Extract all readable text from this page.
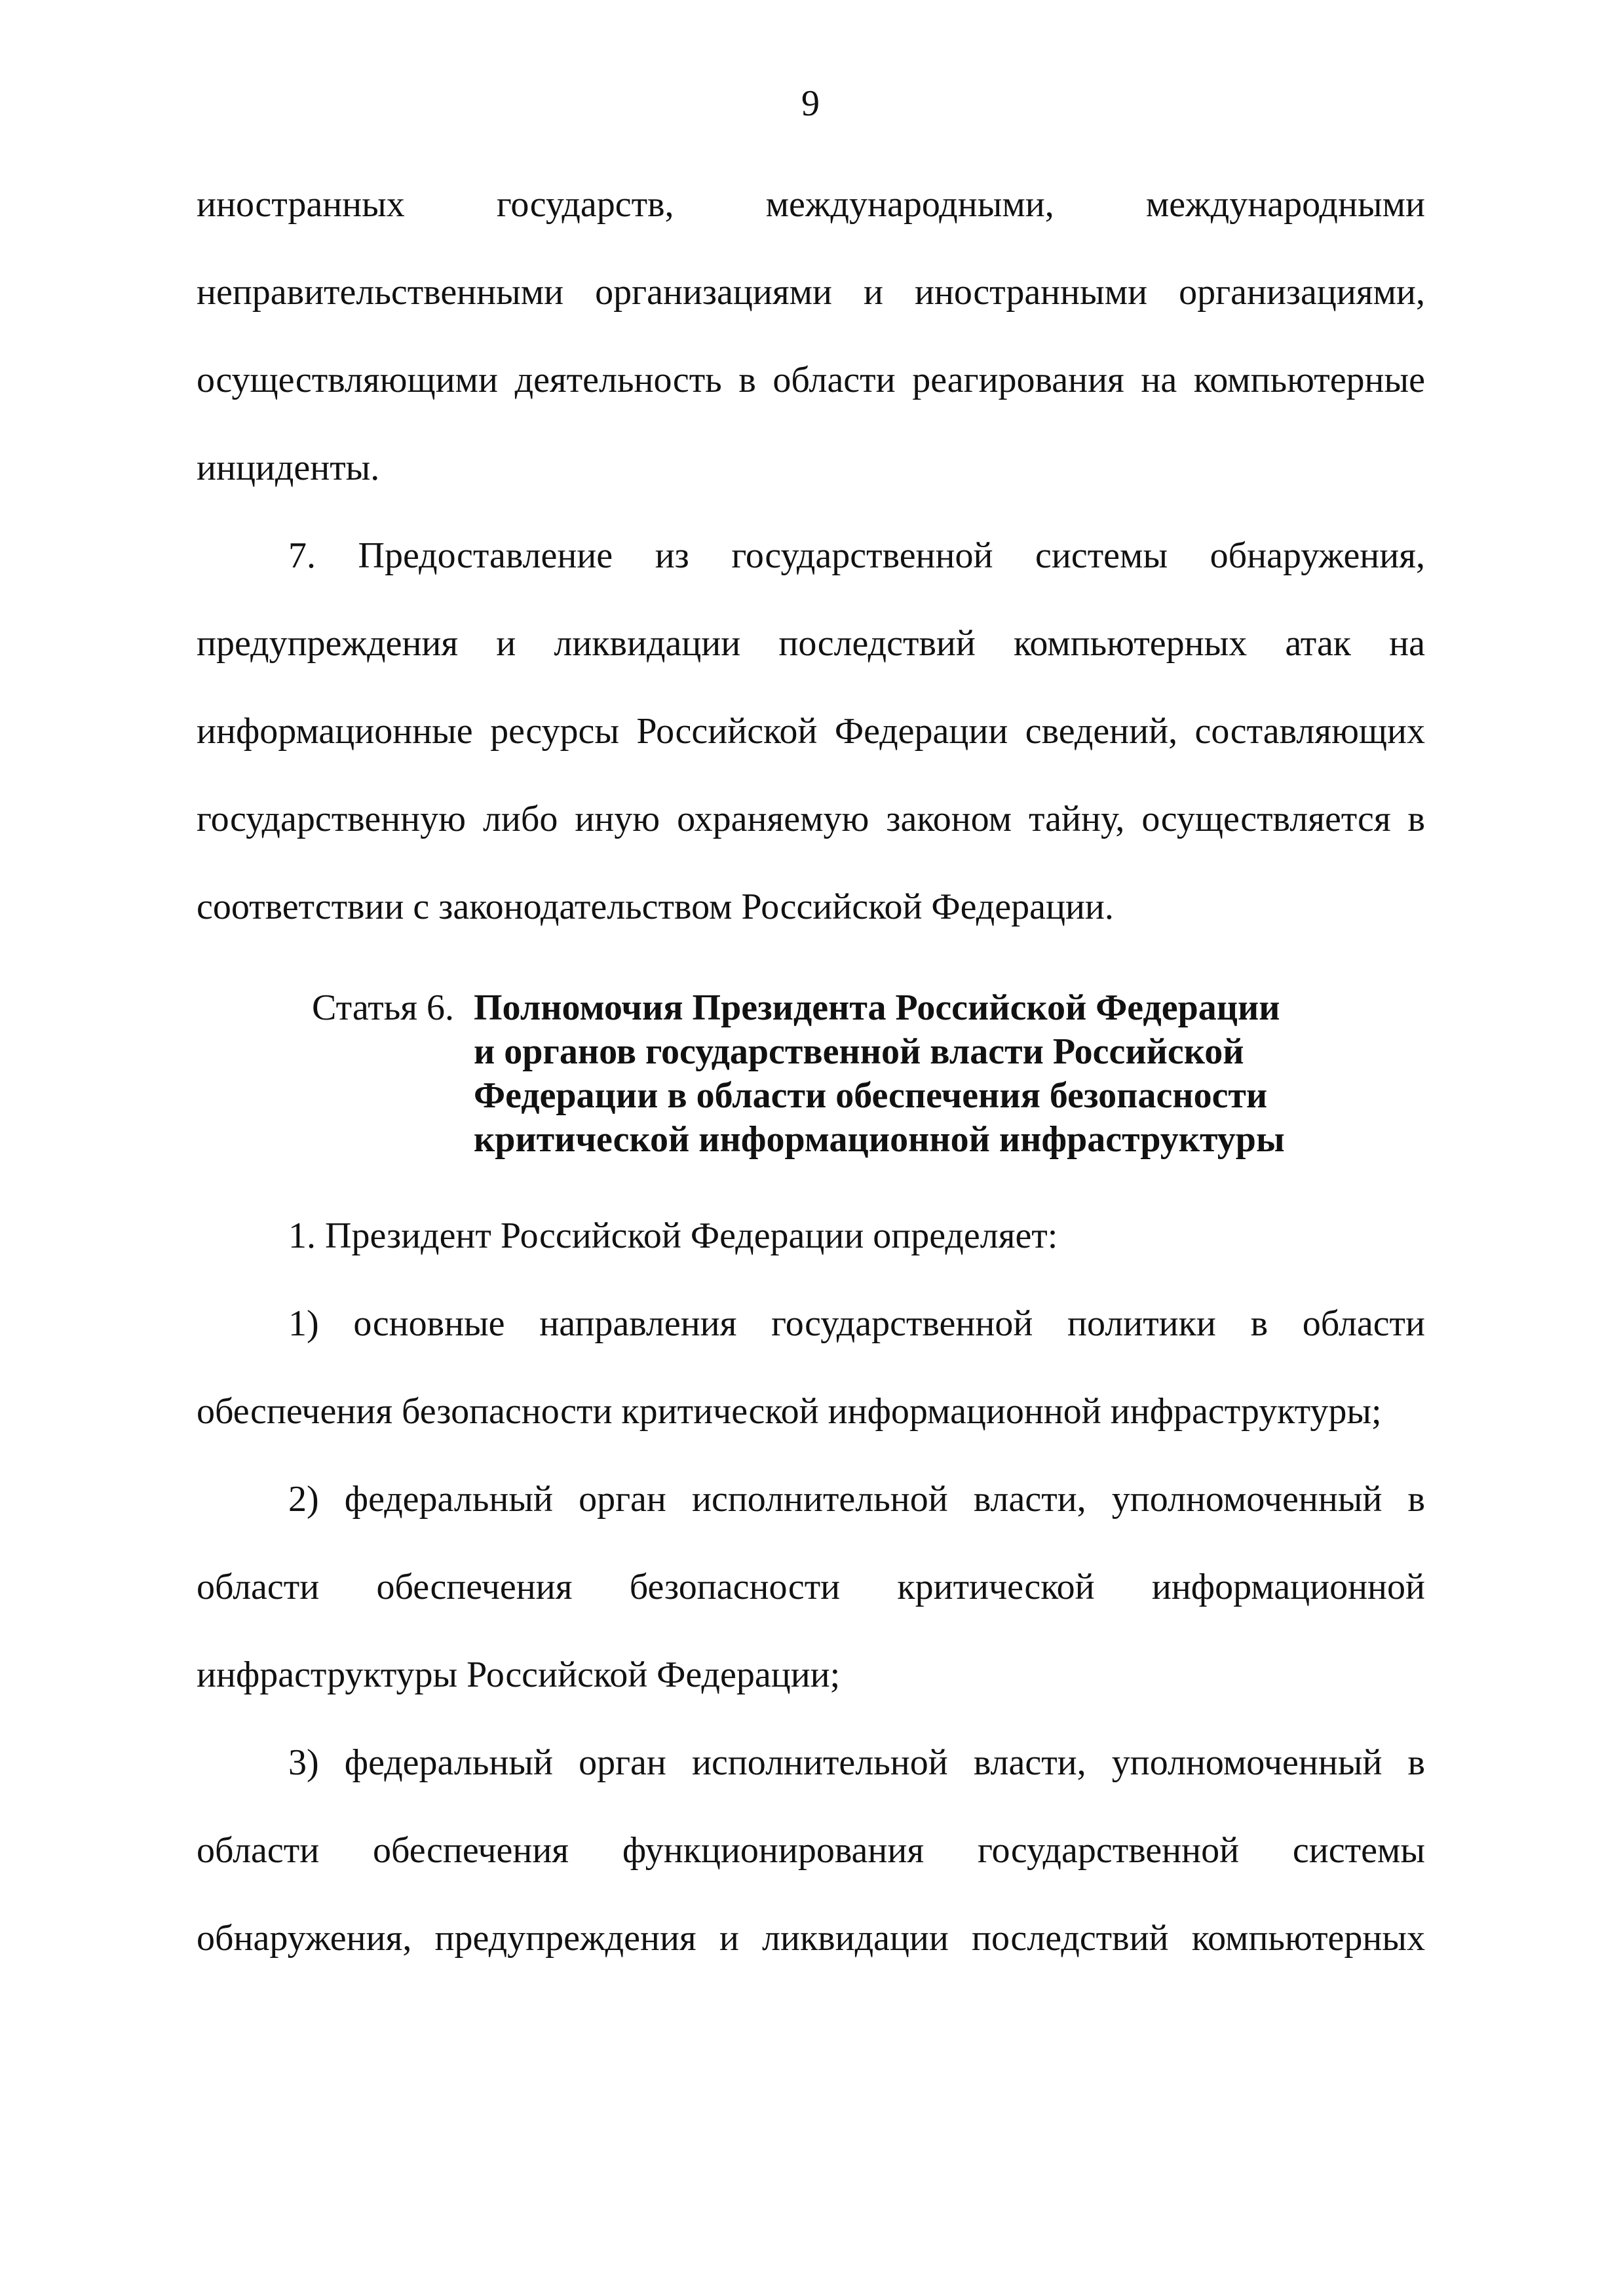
9

иностранных государств, международными, международными неправительственными организациями и иностранными организациями, осуществляющими деятельность в области реагирования на компьютерные инциденты.

7. Предоставление из государственной системы обнаружения, предупреждения и ликвидации последствий компьютерных атак на информационные ресурсы Российской Федерации сведений, составляющих государственную либо иную охраняемую законом тайну, осуществляется в соответствии с законодательством Российской Федерации.

Статья 6. Полномочия Президента Российской Федерации
и органов государственной власти Российской
Федерации в области обеспечения безопасности
критической информационной инфраструктуры

1. Президент Российской Федерации определяет:

1) основные направления государственной политики в области обеспечения безопасности критической информационной инфраструктуры;

2) федеральный орган исполнительной власти, уполномоченный в области обеспечения безопасности критической информационной инфраструктуры Российской Федерации;

3) федеральный орган исполнительной власти, уполномоченный в области обеспечения функционирования государственной системы обнаружения, предупреждения и ликвидации последствий компьютерных
